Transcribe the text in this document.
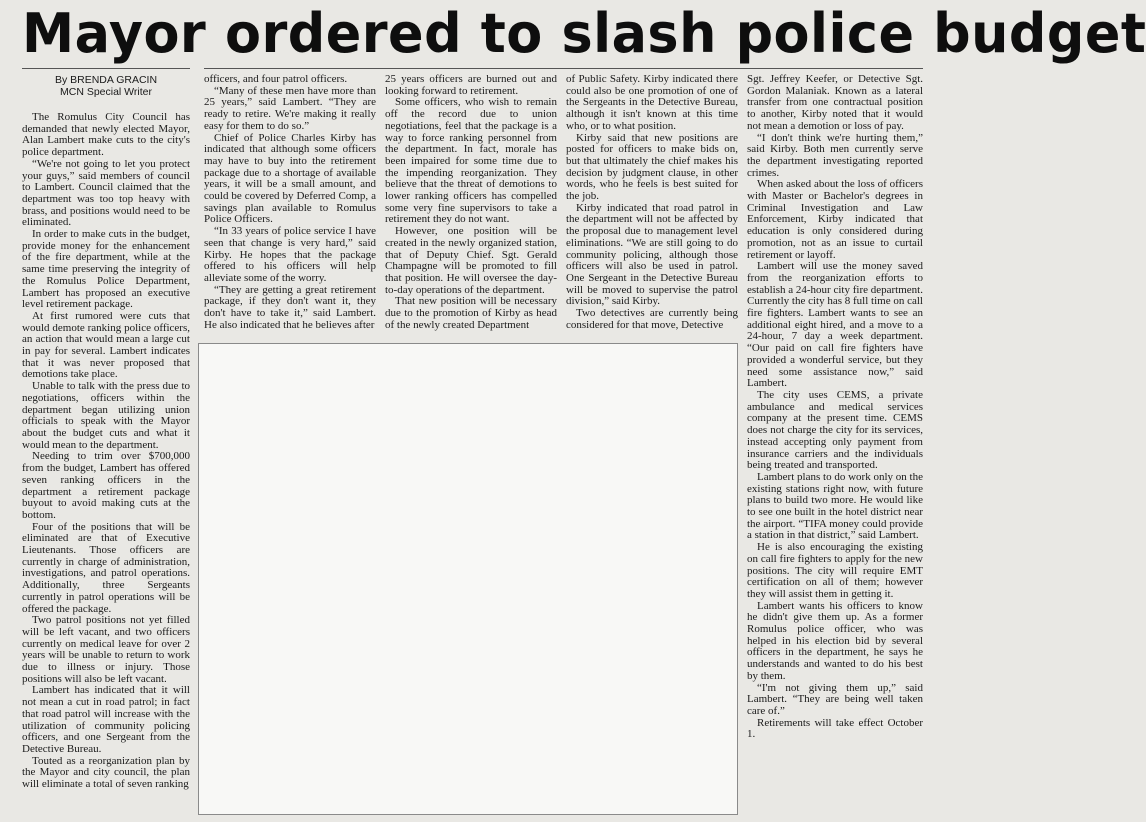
Mayor ordered to slash police budget
By BRENDA GRACIN
MCN Special Writer

The Romulus City Council has demanded that newly elected Mayor, Alan Lambert make cuts to the city's police department.

“We're not going to let you protect your guys,” said members of council to Lambert. Council claimed that the department was too top heavy with brass, and positions would need to be eliminated.

In order to make cuts in the budget, provide money for the enhancement of the fire department, while at the same time preserving the integrity of the Romulus Police Department, Lambert has proposed an executive level retirement package.

At first rumored were cuts that would demote ranking police officers, an action that would mean a large cut in pay for several. Lambert indicates that it was never proposed that demotions take place.

Unable to talk with the press due to negotiations, officers within the department began utilizing union officials to speak with the Mayor about the budget cuts and what it would mean to the department.

Needing to trim over $700,000 from the budget, Lambert has offered seven ranking officers in the department a retirement package buyout to avoid making cuts at the bottom.

Four of the positions that will be eliminated are that of Executive Lieutenants. Those officers are currently in charge of administration, investigations, and patrol operations. Additionally, three Sergeants currently in patrol operations will be offered the package.

Two patrol positions not yet filled will be left vacant, and two officers currently on medical leave for over 2 years will be unable to return to work due to illness or injury. Those positions will also be left vacant.

Lambert has indicated that it will not mean a cut in road patrol; in fact that road patrol will increase with the utilization of community policing officers, and one Sergeant from the Detective Bureau.

Touted as a reorganization plan by the Mayor and city council, the plan will eliminate a total of seven ranking

officers, and four patrol officers.

“Many of these men have more than 25 years,” said Lambert. “They are ready to retire. We're making it really easy for them to do so.”

Chief of Police Charles Kirby has indicated that although some officers may have to buy into the retirement package due to a shortage of available years, it will be a small amount, and could be covered by Deferred Comp, a savings plan available to Romulus Police Officers.

“In 33 years of police service I have seen that change is very hard,” said Kirby. He hopes that the package offered to his officers will help alleviate some of the worry.

“They are getting a great retirement package, if they don't want it, they don't have to take it,” said Lambert. He also indicated that he believes after

25 years officers are burned out and looking forward to retirement.

Some officers, who wish to remain off the record due to union negotiations, feel that the package is a way to force ranking personnel from the department. In fact, morale has been impaired for some time due to the impending reorganization. They believe that the threat of demotions to lower ranking officers has compelled some very fine supervisors to take a retirement they do not want.

However, one position will be created in the newly organized station, that of Deputy Chief. Sgt. Gerald Champagne will be promoted to fill that position. He will oversee the day-to-day operations of the department.

That new position will be necessary due to the promotion of Kirby as head of the newly created Department

of Public Safety. Kirby indicated there could also be one promotion of one of the Sergeants in the Detective Bureau, although it isn't known at this time who, or to what position.

Kirby said that new positions are posted for officers to make bids on, but that ultimately the chief makes his decision by judgment clause, in other words, who he feels is best suited for the job.

Kirby indicated that road patrol in the department will not be affected by the proposal due to management level eliminations. “We are still going to do community policing, although those officers will also be used in patrol. One Sergeant in the Detective Bureau will be moved to supervise the patrol division,” said Kirby.

Two detectives are currently being considered for that move, Detective

Sgt. Jeffrey Keefer, or Detective Sgt. Gordon Malaniak. Known as a lateral transfer from one contractual position to another, Kirby noted that it would not mean a demotion or loss of pay.

“I don't think we're hurting them,” said Kirby. Both men currently serve the department investigating reported crimes.

When asked about the loss of officers with Master or Bachelor's degrees in Criminal Investigation and Law Enforcement, Kirby indicated that education is only considered during promotion, not as an issue to curtail retirement or layoff.

Lambert will use the money saved from the reorganization efforts to establish a 24-hour city fire department. Currently the city has 8 full time on call fire fighters. Lambert wants to see an additional eight hired, and a move to a 24-hour, 7 day a week department. “Our paid on call fire fighters have provided a wonderful service, but they need some assistance now,” said Lambert.

The city uses CEMS, a private ambulance and medical services company at the present time. CEMS does not charge the city for its services, instead accepting only payment from insurance carriers and the individuals being treated and transported.

Lambert plans to do work only on the existing stations right now, with future plans to build two more. He would like to see one built in the hotel district near the airport. “TIFA money could provide a station in that district,” said Lambert.

He is also encouraging the existing on call fire fighters to apply for the new positions. The city will require EMT certification on all of them; however they will assist them in getting it.

Lambert wants his officers to know he didn't give them up. As a former Romulus police officer, who was helped in his election bid by several officers in the department, he says he understands and wanted to do his best by them.

“I'm not giving them up,” said Lambert. “They are being well taken care of.”

Retirements will take effect October 1.
